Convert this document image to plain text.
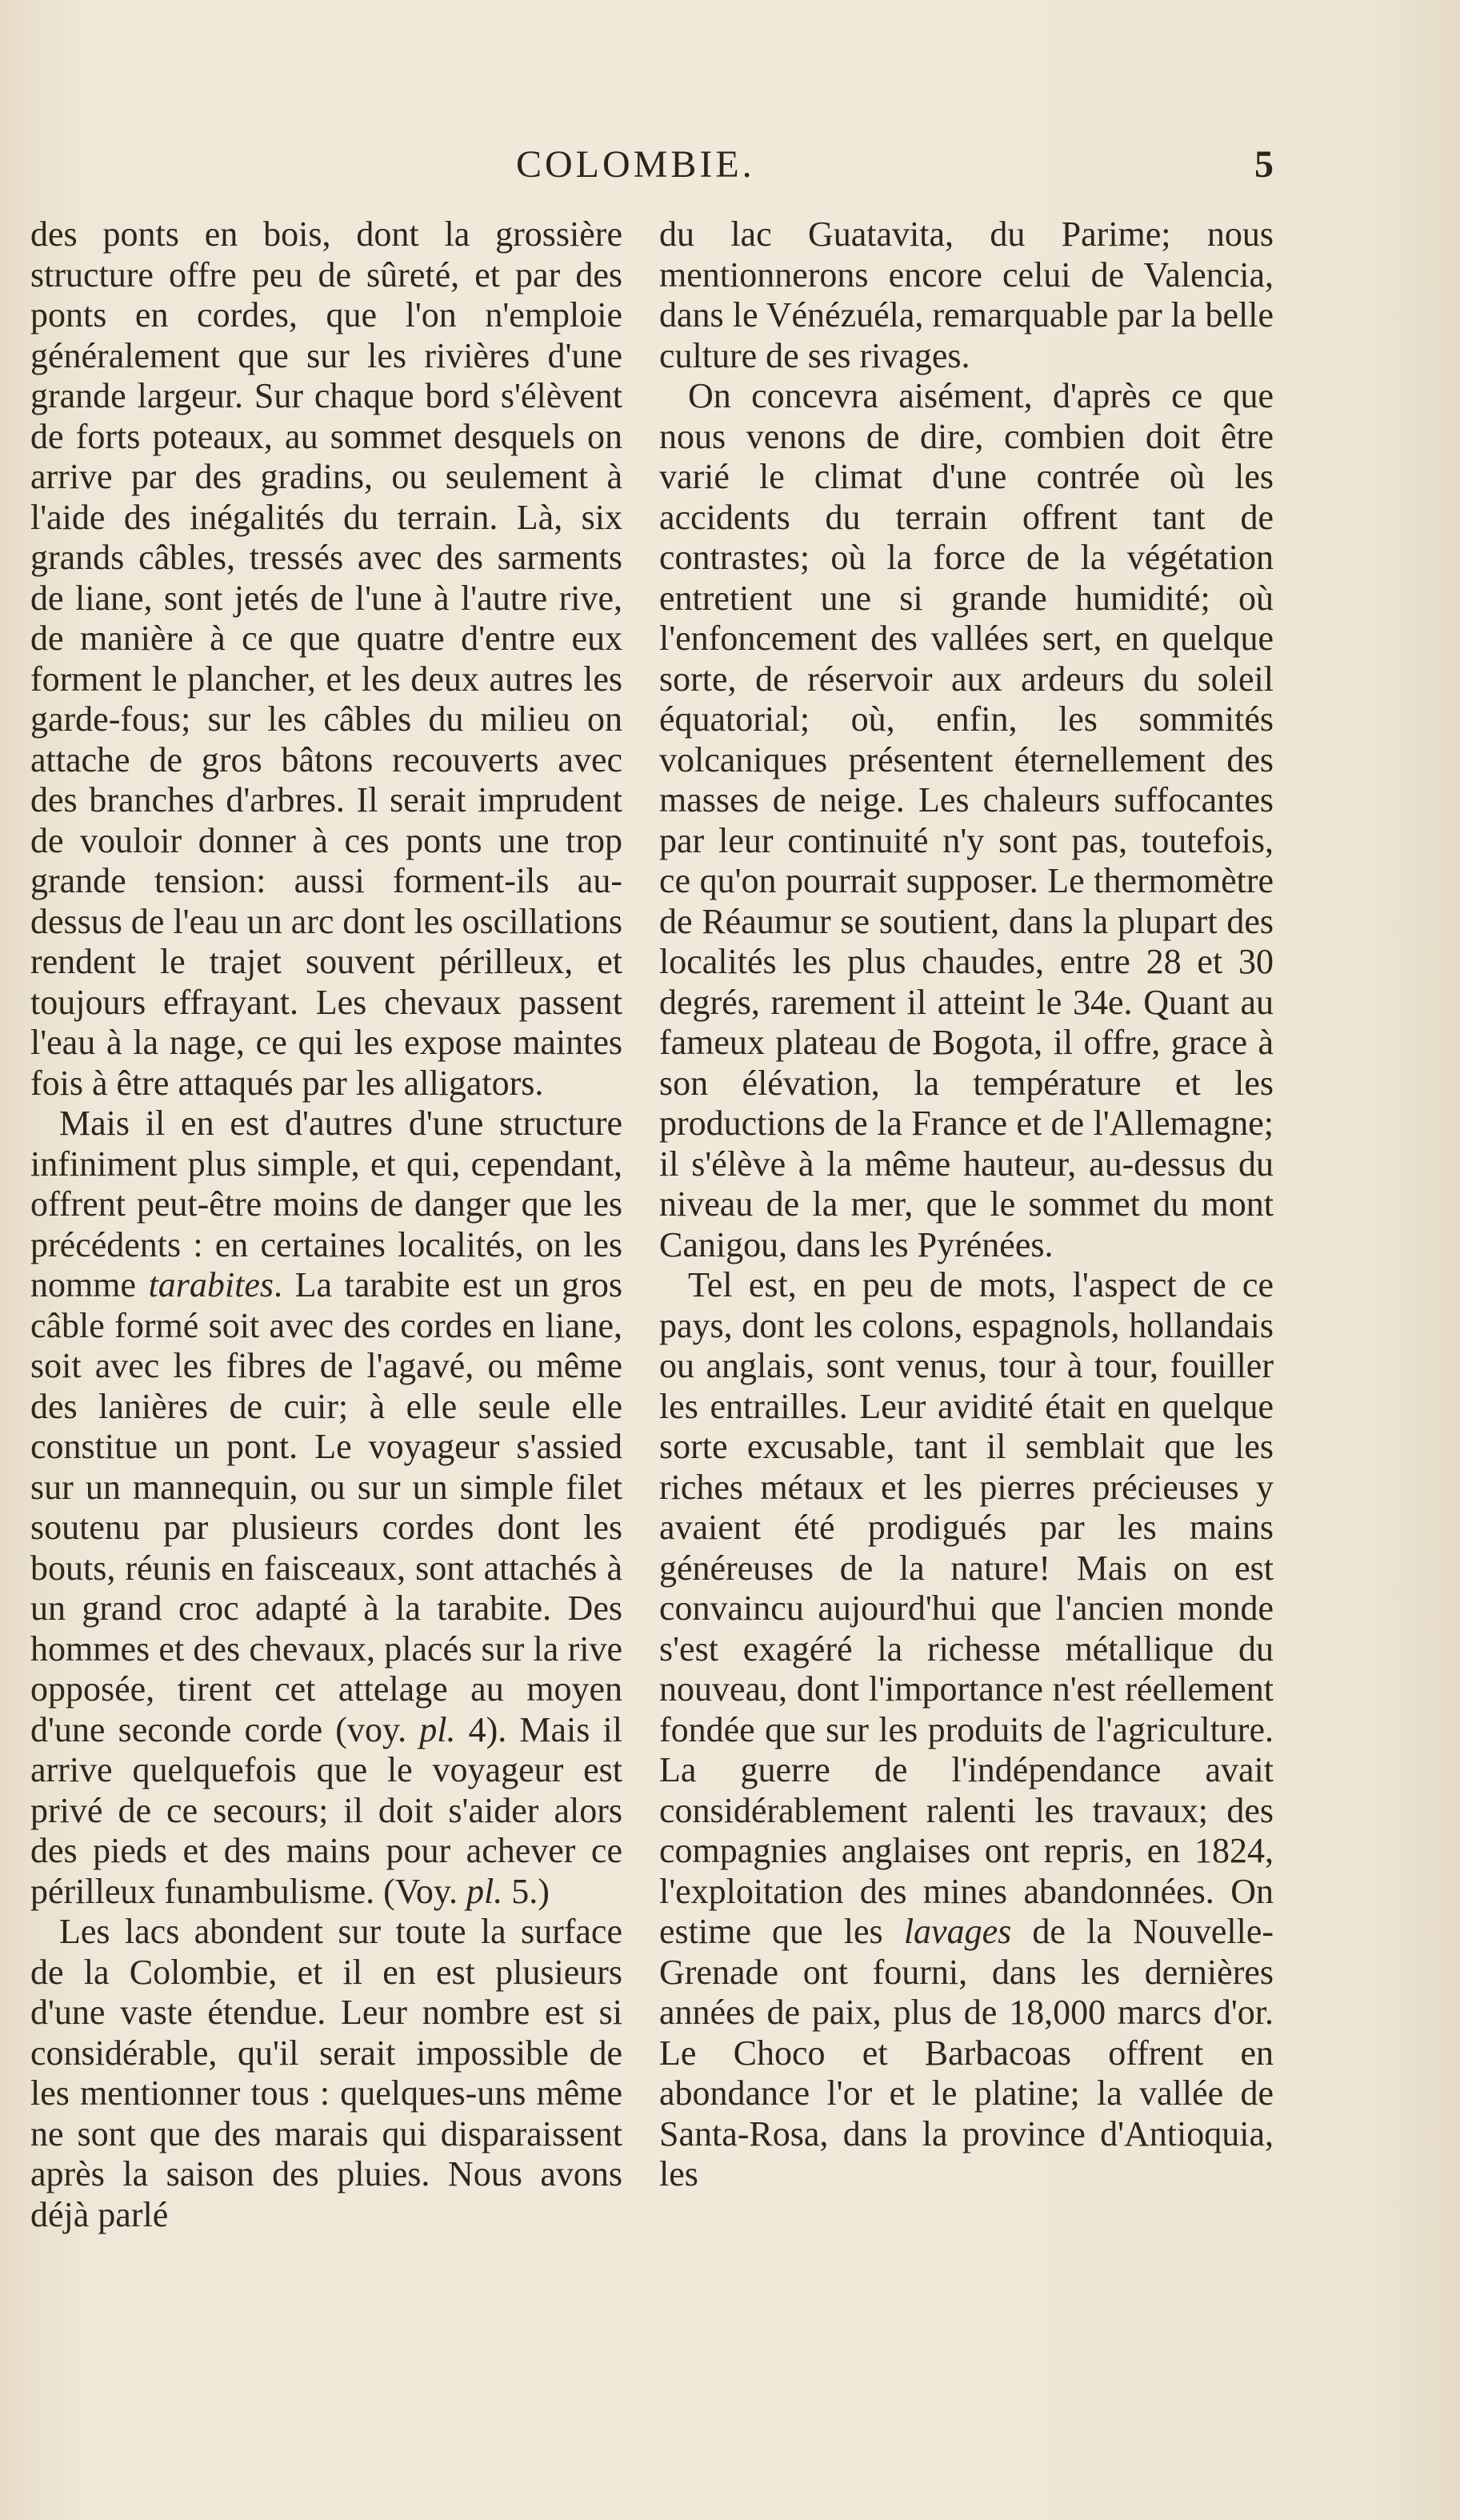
COLOMBIE.	5

des ponts en bois, dont la grossière structure offre peu de sûreté, et par des ponts en cordes, que l'on n'emploie généralement que sur les rivières d'une grande largeur. Sur chaque bord s'élèvent de forts poteaux, au sommet desquels on arrive par des gradins, ou seulement à l'aide des inégalités du terrain. Là, six grands câbles, tressés avec des sarments de liane, sont jetés de l'une à l'autre rive, de manière à ce que quatre d'entre eux forment le plancher, et les deux autres les garde-fous; sur les câbles du milieu on attache de gros bâtons recouverts avec des branches d'arbres. Il serait imprudent de vouloir donner à ces ponts une trop grande tension: aussi forment-ils au-dessus de l'eau un arc dont les oscillations rendent le trajet souvent périlleux, et toujours effrayant. Les chevaux passent l'eau à la nage, ce qui les expose maintes fois à être attaqués par les alligators.

Mais il en est d'autres d'une structure infiniment plus simple, et qui, cependant, offrent peut-être moins de danger que les précédents : en certaines localités, on les nomme tarabites. La tarabite est un gros câble formé soit avec des cordes en liane, soit avec les fibres de l'agavé, ou même des lanières de cuir; à elle seule elle constitue un pont. Le voyageur s'assied sur un mannequin, ou sur un simple filet soutenu par plusieurs cordes dont les bouts, réunis en faisceaux, sont attachés à un grand croc adapté à la tarabite. Des hommes et des chevaux, placés sur la rive opposée, tirent cet attelage au moyen d'une seconde corde (voy. pl. 4). Mais il arrive quelquefois que le voyageur est privé de ce secours; il doit s'aider alors des pieds et des mains pour achever ce périlleux funambulisme. (Voy. pl. 5.)

Les lacs abondent sur toute la surface de la Colombie, et il en est plusieurs d'une vaste étendue. Leur nombre est si considérable, qu'il serait impossible de les mentionner tous : quelques-uns même ne sont que des marais qui disparaissent après la saison des pluies. Nous avons déjà parlé

du lac Guatavita, du Parime; nous mentionnerons encore celui de Valencia, dans le Vénézuéla, remarquable par la belle culture de ses rivages.

On concevra aisément, d'après ce que nous venons de dire, combien doit être varié le climat d'une contrée où les accidents du terrain offrent tant de contrastes; où la force de la végétation entretient une si grande humidité; où l'enfoncement des vallées sert, en quelque sorte, de réservoir aux ardeurs du soleil équatorial; où, enfin, les sommités volcaniques présentent éternellement des masses de neige. Les chaleurs suffocantes par leur continuité n'y sont pas, toutefois, ce qu'on pourrait supposer. Le thermomètre de Réaumur se soutient, dans la plupart des localités les plus chaudes, entre 28 et 30 degrés, rarement il atteint le 34e. Quant au fameux plateau de Bogota, il offre, grace à son élévation, la température et les productions de la France et de l'Allemagne; il s'élève à la même hauteur, au-dessus du niveau de la mer, que le sommet du mont Canigou, dans les Pyrénées.

Tel est, en peu de mots, l'aspect de ce pays, dont les colons, espagnols, hollandais ou anglais, sont venus, tour à tour, fouiller les entrailles. Leur avidité était en quelque sorte excusable, tant il semblait que les riches métaux et les pierres précieuses y avaient été prodigués par les mains généreuses de la nature! Mais on est convaincu aujourd'hui que l'ancien monde s'est exagéré la richesse métallique du nouveau, dont l'importance n'est réellement fondée que sur les produits de l'agriculture. La guerre de l'indépendance avait considérablement ralenti les travaux; des compagnies anglaises ont repris, en 1824, l'exploitation des mines abandonnées. On estime que les lavages de la Nouvelle-Grenade ont fourni, dans les dernières années de paix, plus de 18,000 marcs d'or. Le Choco et Barbacoas offrent en abondance l'or et le platine; la vallée de Santa-Rosa, dans la province d'Antioquia, les
